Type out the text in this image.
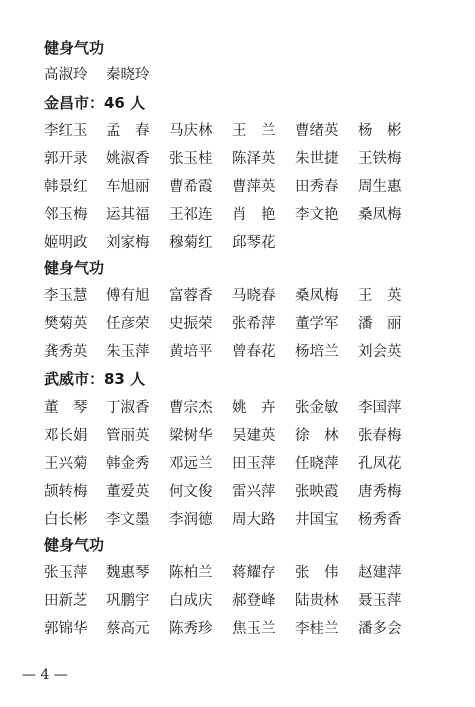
健身气功
高淑玲 秦晓玲
金昌市：46 人
李红玉 孟　春 马庆林 王　兰 曹绪英 杨　彬
郭开录 姚淑香 张玉桂 陈泽英 朱世捷 王铁梅
韩景红 车旭丽 曹希霞 曹萍英 田秀春 周生惠
邻玉梅 运其福 王祁连 肖　艳 李文艳 桑凤梅
姬明政 刘家梅 穆菊红 邱琴花
健身气功
李玉慧 傅有旭 富蓉香 马晓春 桑凤梅 王　英
樊菊英 任彦荣 史振荣 张希萍 董学军 潘　丽
龚秀英 朱玉萍 黄培平 曾春花 杨培兰 刘会英
武威市：83 人
董　琴 丁淑香 曹宗杰 姚　卉 张金敏 李国萍
邓长娟 管丽英 梁树华 吴建英 徐　林 张春梅
王兴菊 韩金秀 邓远兰 田玉萍 任晓萍 孔凤花
颉转梅 董爱英 何文俊 雷兴萍 张映霞 唐秀梅
白长彬 李文墨 李润德 周大路 井国宝 杨秀香
健身气功
张玉萍 魏惠琴 陈柏兰 蒋耀存 张　伟 赵建萍
田新芝 巩鹏宇 白成庆 郝登峰 陆贵林 聂玉萍
郭锦华 蔡高元 陈秀珍 焦玉兰 李桂兰 潘多会
— 4 —
